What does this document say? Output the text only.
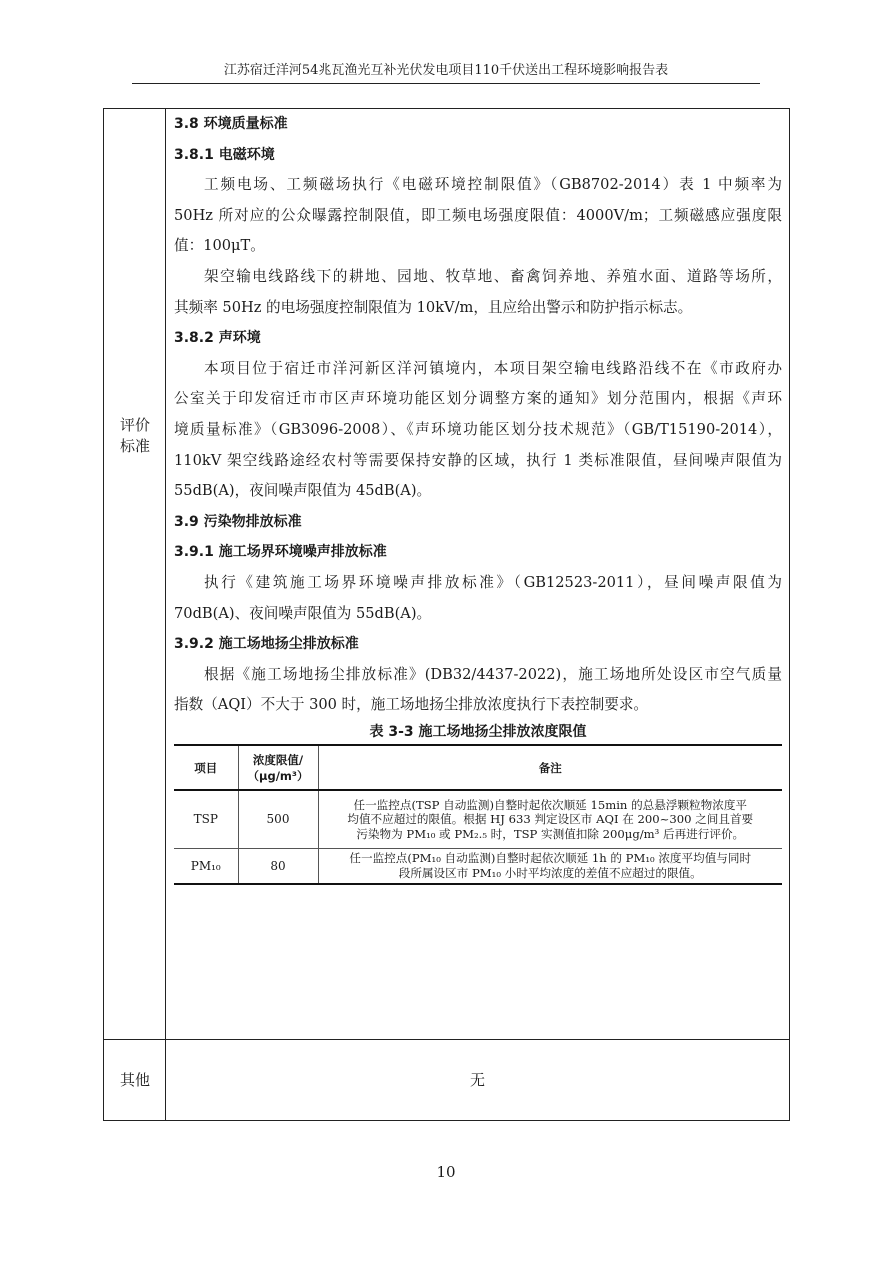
江苏宿迁洋河54兆瓦渔光互补光伏发电项目110千伏送出工程环境影响报告表
评价
标准
3.8 环境质量标准
3.8.1 电磁环境
工频电场、工频磁场执行《电磁环境控制限值》（GB8702-2014）表 1 中频率为
50Hz 所对应的公众曝露控制限值，即工频电场强度限值：4000V/m；工频磁感应强度限
值：100μT。
架空输电线路线下的耕地、园地、牧草地、畜禽饲养地、养殖水面、道路等场所，
其频率 50Hz 的电场强度控制限值为 10kV/m，且应给出警示和防护指示标志。
3.8.2 声环境
本项目位于宿迁市洋河新区洋河镇境内，本项目架空输电线路沿线不在《市政府办
公室关于印发宿迁市市区声环境功能区划分调整方案的通知》划分范围内，根据《声环
境质量标准》（GB3096-2008）、《声环境功能区划分技术规范》（GB/T15190-2014），
110kV 架空线路途经农村等需要保持安静的区域，执行 1 类标准限值，昼间噪声限值为
55dB(A)，夜间噪声限值为 45dB(A)。
3.9 污染物排放标准
3.9.1 施工场界环境噪声排放标准
执行《建筑施工场界环境噪声排放标准》（GB12523-2011），昼间噪声限值为
70dB(A)、夜间噪声限值为 55dB(A)。
3.9.2 施工场地扬尘排放标准
根据《施工场地扬尘排放标准》(DB32/4437-2022)，施工场地所处设区市空气质量
指数（AQI）不大于 300 时，施工场地扬尘排放浓度执行下表控制要求。
表 3-3 施工场地扬尘排放浓度限值
项目	浓度限值/
（μg/m³）	备注
TSP	500	任一监控点(TSP 自动监测)自整时起依次顺延 15min 的总悬浮颗粒物浓度平
均值不应超过的限值。根据 HJ 633 判定设区市 AQI 在 200~300 之间且首要
污染物为 PM₁₀ 或 PM₂.₅ 时，TSP 实测值扣除 200μg/m³ 后再进行评价。

PM₁₀	80	任一监控点(PM₁₀ 自动监测)自整时起依次顺延 1h 的 PM₁₀ 浓度平均值与同时
段所属设区市 PM₁₀ 小时平均浓度的差值不应超过的限值。
其他	无
10
